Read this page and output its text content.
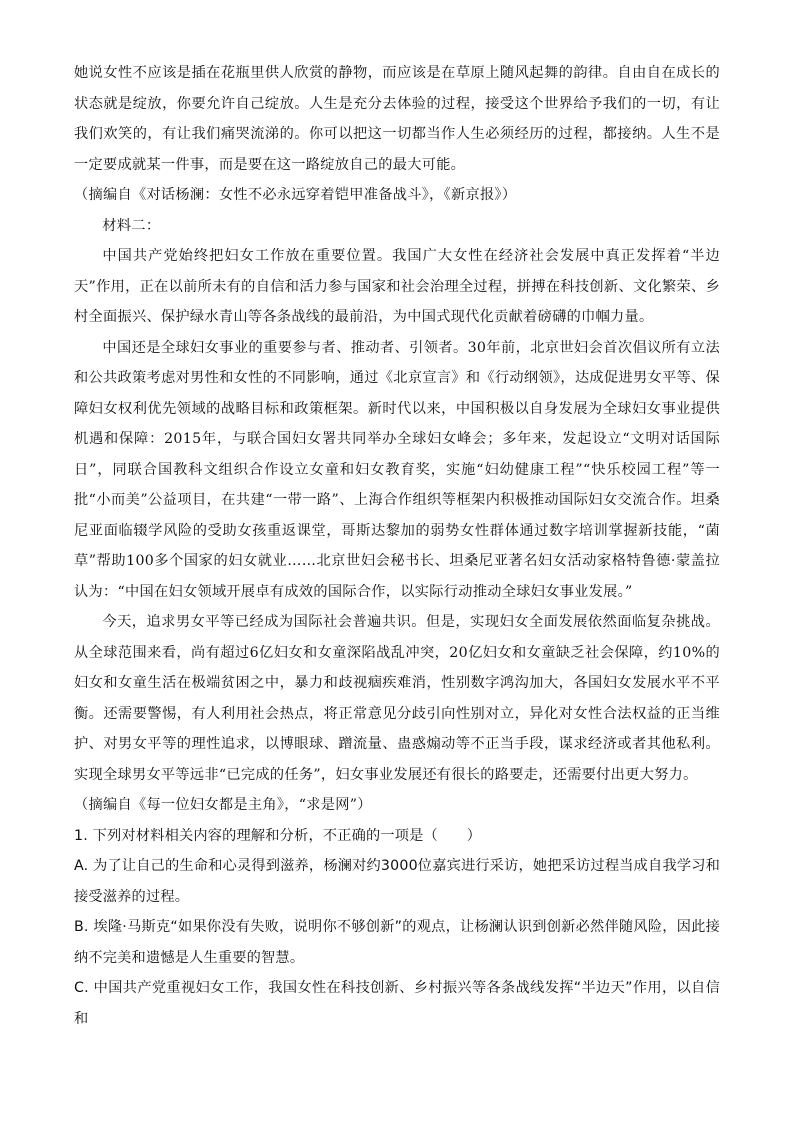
她说女性不应该是插在花瓶里供人欣赏的静物，而应该是在草原上随风起舞的韵律。自由自在成长的状态就是绽放，你要允许自己绽放。人生是充分去体验的过程，接受这个世界给予我们的一切，有让我们欢笑的，有让我们痛哭流涕的。你可以把这一切都当作人生必须经历的过程，都接纳。人生不是一定要成就某一件事，而是要在这一路绽放自己的最大可能。

（摘编自《对话杨澜：女性不必永远穿着铠甲准备战斗》，《新京报》）

材料二：

中国共产党始终把妇女工作放在重要位置。我国广大女性在经济社会发展中真正发挥着“半边天”作用，正在以前所未有的自信和活力参与国家和社会治理全过程，拼搏在科技创新、文化繁荣、乡村全面振兴、保护绿水青山等各条战线的最前沿，为中国式现代化贡献着磅礴的巾帼力量。

中国还是全球妇女事业的重要参与者、推动者、引领者。30年前，北京世妇会首次倡议所有立法和公共政策考虑对男性和女性的不同影响，通过《北京宣言》和《行动纲领》，达成促进男女平等、保障妇女权利优先领域的战略目标和政策框架。新时代以来，中国积极以自身发展为全球妇女事业提供机遇和保障：2015年，与联合国妇女署共同举办全球妇女峰会；多年来，发起设立“文明对话国际日”，同联合国教科文组织合作设立女童和妇女教育奖，实施“妇幼健康工程”“快乐校园工程”等一批“小而美”公益项目，在共建“一带一路”、上海合作组织等框架内积极推动国际妇女交流合作。坦桑尼亚面临辍学风险的受助女孩重返课堂，哥斯达黎加的弱势女性群体通过数字培训掌握新技能，“菌草”帮助100多个国家的妇女就业……北京世妇会秘书长、坦桑尼亚著名妇女活动家格特鲁德·蒙盖拉认为：“中国在妇女领域开展卓有成效的国际合作，以实际行动推动全球妇女事业发展。”

今天，追求男女平等已经成为国际社会普遍共识。但是，实现妇女全面发展依然面临复杂挑战。从全球范围来看，尚有超过6亿妇女和女童深陷战乱冲突，20亿妇女和女童缺乏社会保障，约10%的妇女和女童生活在极端贫困之中，暴力和歧视痼疾难消，性别数字鸿沟加大，各国妇女发展水平不平衡。还需要警惕，有人利用社会热点，将正常意见分歧引向性别对立，异化对女性合法权益的正当维护、对男女平等的理性追求，以博眼球、蹭流量、蛊惑煽动等不正当手段，谋求经济或者其他私利。实现全球男女平等远非“已完成的任务”，妇女事业发展还有很长的路要走，还需要付出更大努力。

（摘编自《每一位妇女都是主角》，“求是网”）

1. 下列对材料相关内容的理解和分析，不正确的一项是（　　）

A. 为了让自己的生命和心灵得到滋养，杨澜对约3000位嘉宾进行采访，她把采访过程当成自我学习和接受滋养的过程。

B. 埃隆·马斯克“如果你没有失败，说明你不够创新”的观点，让杨澜认识到创新必然伴随风险，因此接纳不完美和遗憾是人生重要的智慧。

C. 中国共产党重视妇女工作，我国女性在科技创新、乡村振兴等各条战线发挥“半边天”作用，以自信和
